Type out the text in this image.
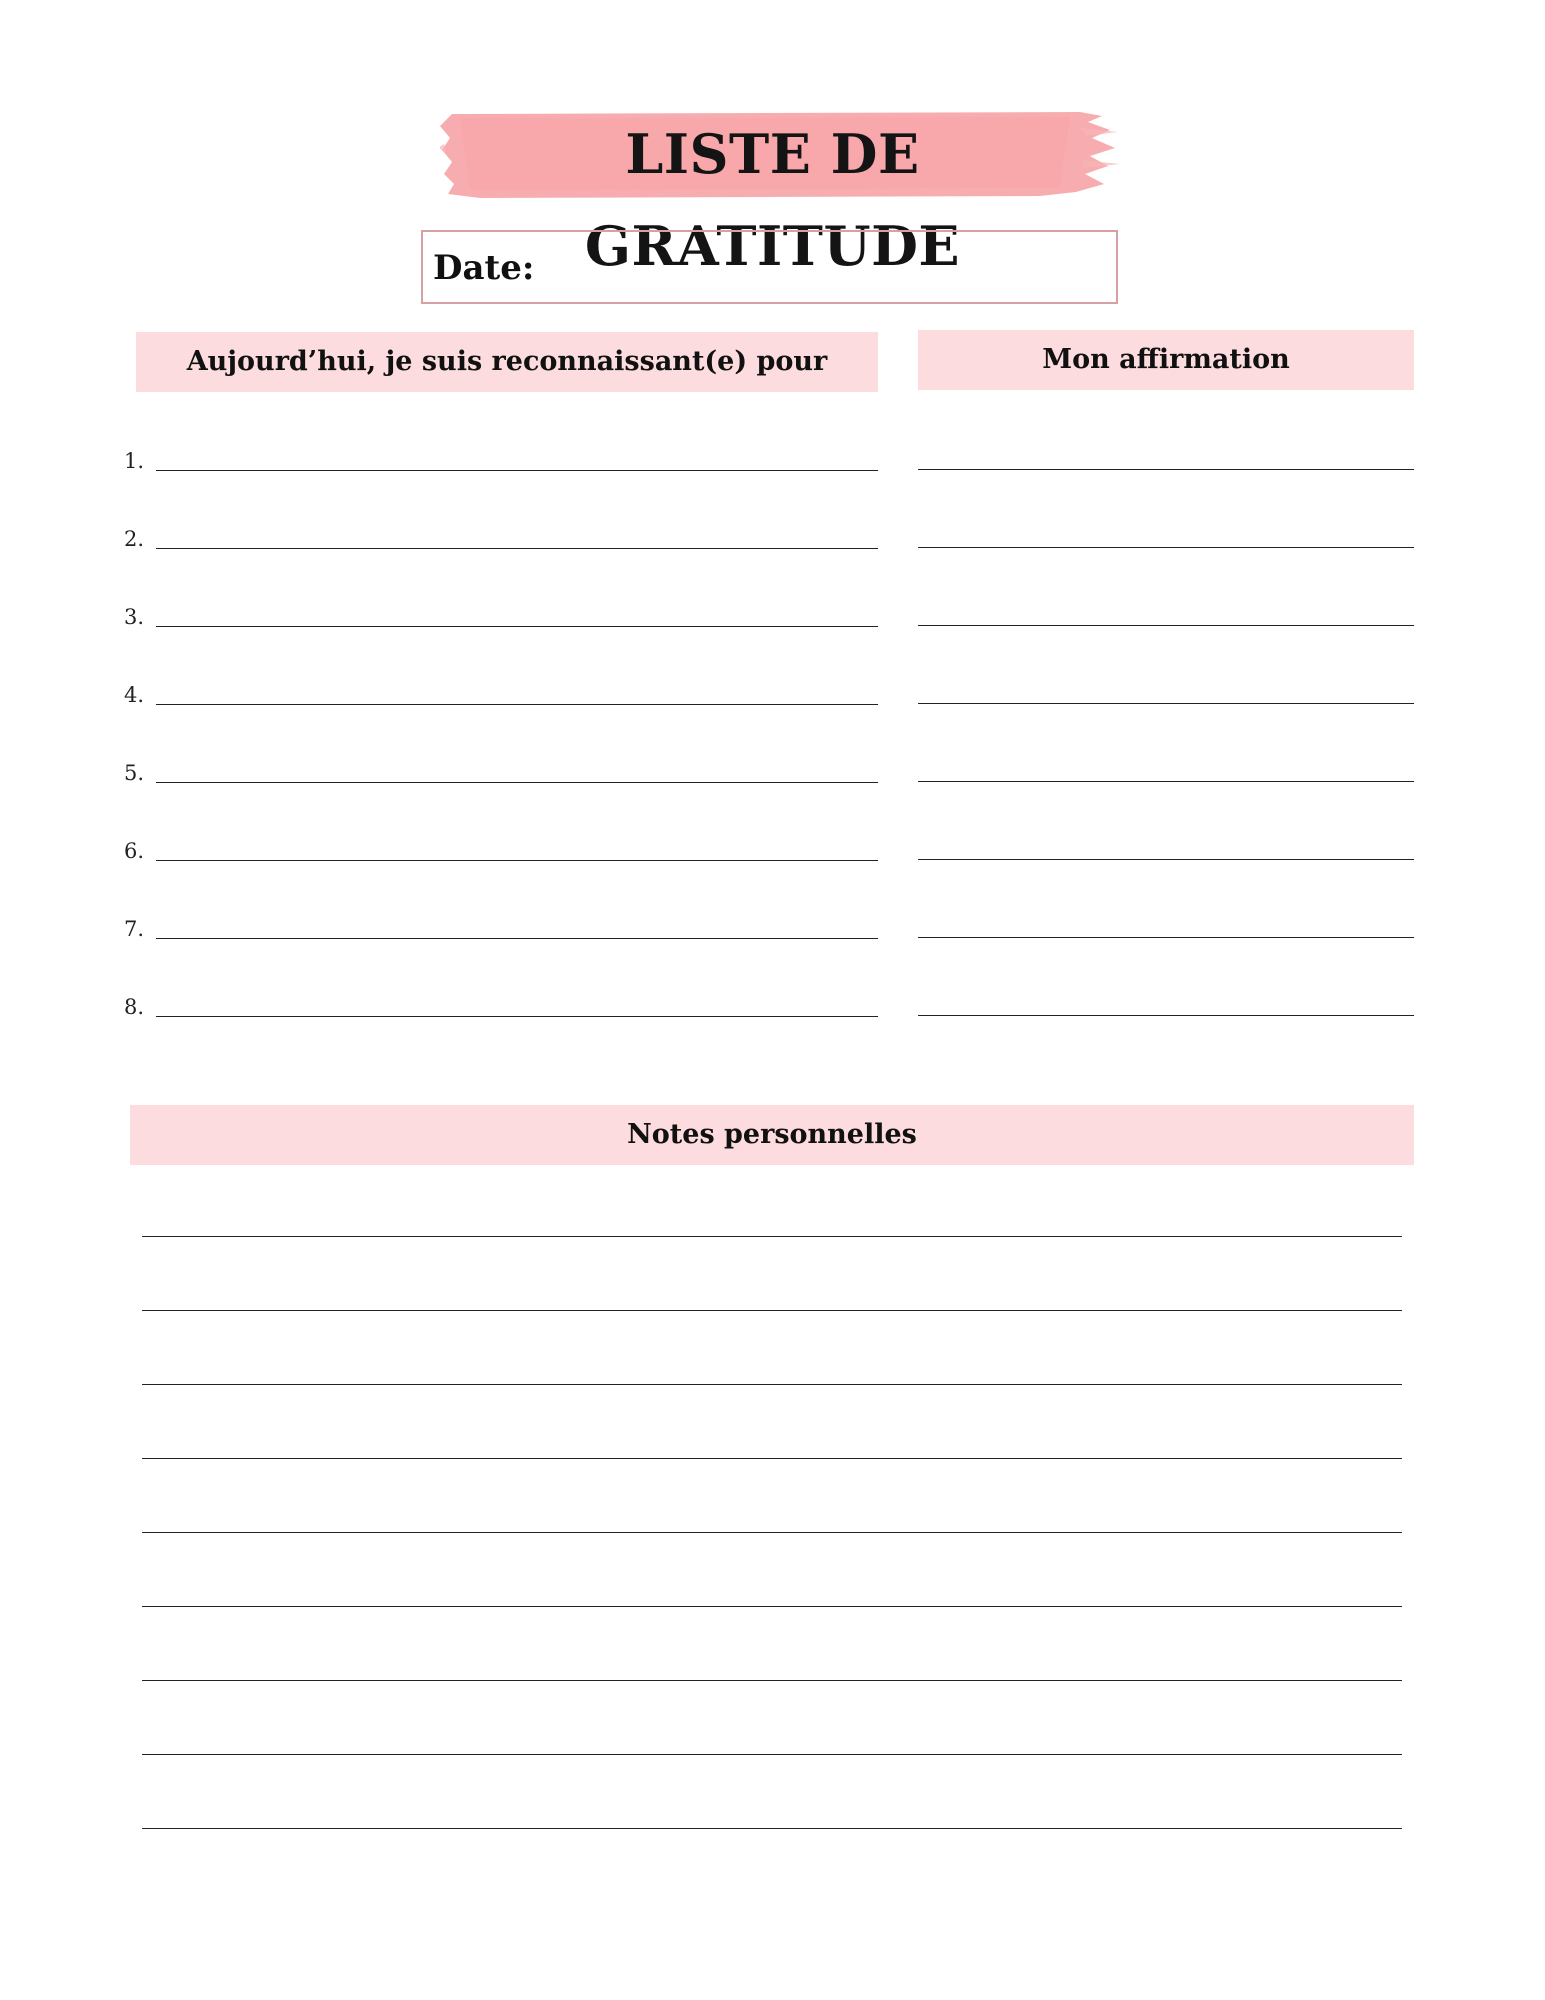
LISTE DE GRATITUDE
Date:
Aujourd’hui, je suis reconnaissant(e) pour	Mon affirmation
1.
2.
3.
4.
5.
6.
7.
8.
Notes personnelles
